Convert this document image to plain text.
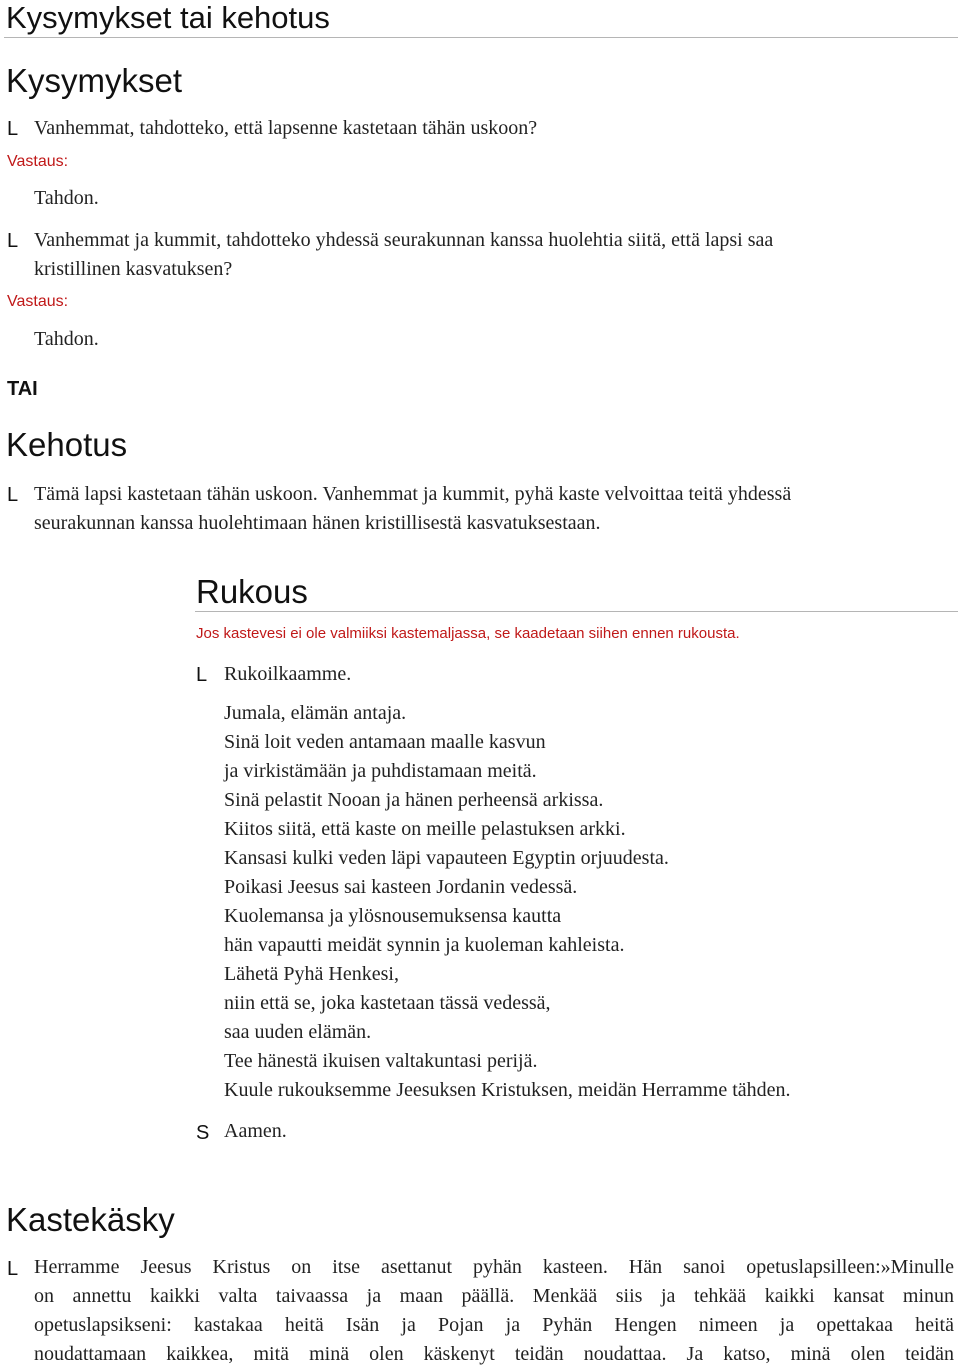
Kysymykset tai kehotus
Kysymykset
L Vanhemmat, tahdotteko, että lapsenne kastetaan tähän uskoon?
Vastaus:
Tahdon.
L Vanhemmat ja kummit, tahdotteko yhdessä seurakunnan kanssa huolehtia siitä, että lapsi saa
kristillinen kasvatuksen?
Vastaus:
Tahdon.
TAI
Kehotus
L Tämä lapsi kastetaan tähän uskoon. Vanhemmat ja kummit, pyhä kaste velvoittaa teitä yhdessä
seurakunnan kanssa huolehtimaan hänen kristillisestä kasvatuksestaan.
Rukous
Jos kastevesi ei ole valmiiksi kastemaljassa, se kaadetaan siihen ennen rukousta.
L Rukoilkaamme.
Jumala, elämän antaja.
Sinä loit veden antamaan maalle kasvun
ja virkistämään ja puhdistamaan meitä.
Sinä pelastit Nooan ja hänen perheensä arkissa.
Kiitos siitä, että kaste on meille pelastuksen arkki.
Kansasi kulki veden läpi vapauteen Egyptin orjuudesta.
Poikasi Jeesus sai kasteen Jordanin vedessä.
Kuolemansa ja ylösnousemuksensa kautta
hän vapautti meidät synnin ja kuoleman kahleista.
Lähetä Pyhä Henkesi,
niin että se, joka kastetaan tässä vedessä,
saa uuden elämän.
Tee hänestä ikuisen valtakuntasi perijä.
Kuule rukouksemme Jeesuksen Kristuksen, meidän Herramme tähden.
S Aamen.
Kastekäsky
L Herramme Jeesus Kristus on itse asettanut pyhän kasteen. Hän sanoi opetuslapsilleen:»Minulle
on annettu kaikki valta taivaassa ja maan päällä. Menkää siis ja tehkää kaikki kansat minun
opetuslapsikseni: kastakaa heitä Isän ja Pojan ja Pyhän Hengen nimeen ja opettakaa heitä
noudattamaan kaikkea, mitä minä olen käskenyt teidän noudattaa. Ja katso, minä olen teidän
